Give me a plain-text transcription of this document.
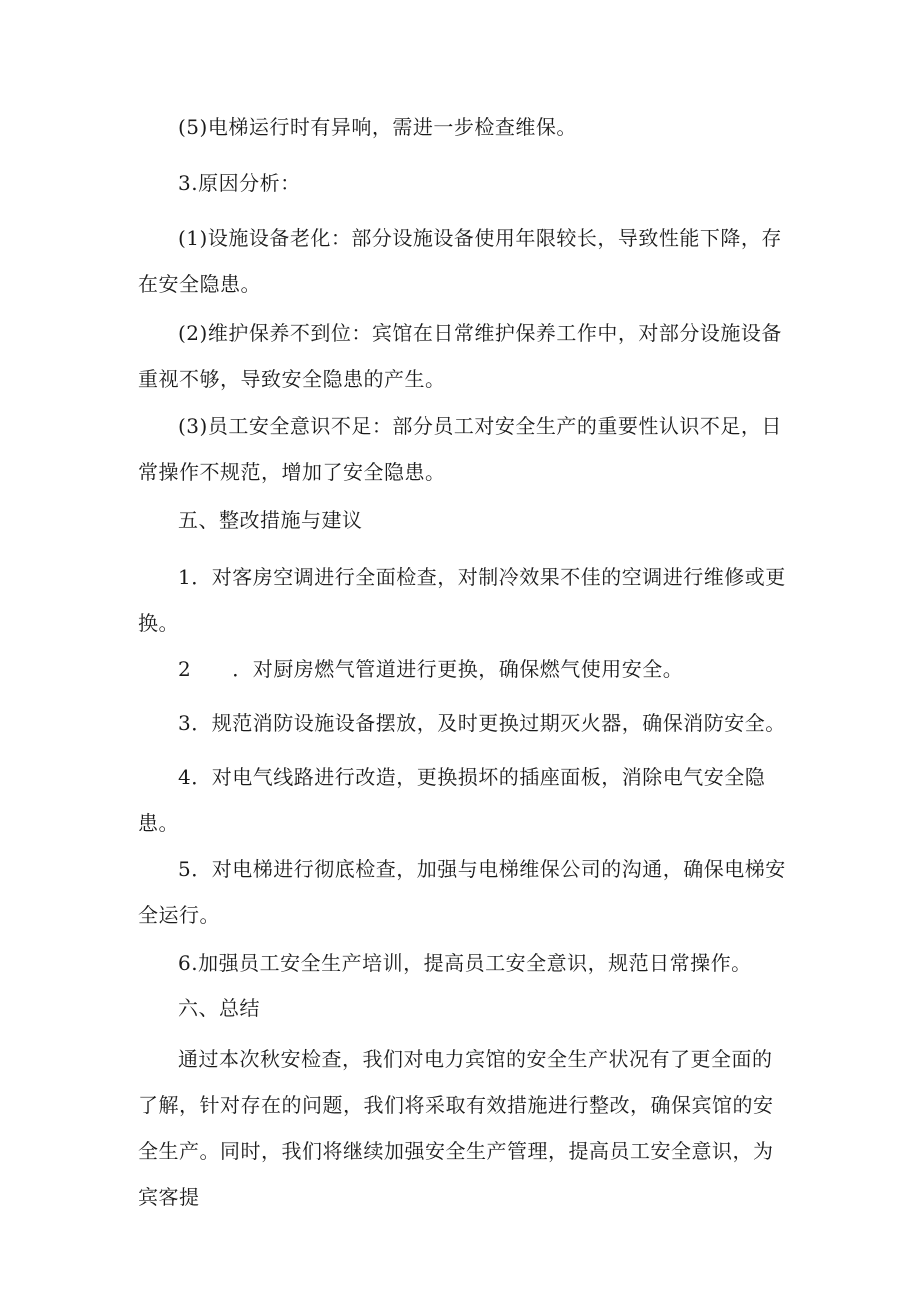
(5)电梯运行时有异响，需进一步检查维保。
3.原因分析：
(1)设施设备老化：部分设施设备使用年限较长，导致性能下降，存在安全隐患。
(2)维护保养不到位：宾馆在日常维护保养工作中，对部分设施设备重视不够，导致安全隐患的产生。
(3)员工安全意识不足：部分员工对安全生产的重要性认识不足，日常操作不规范，增加了安全隐患。
五、整改措施与建议
1．对客房空调进行全面检查，对制冷效果不佳的空调进行维修或更换。
2　　．对厨房燃气管道进行更换，确保燃气使用安全。
3．规范消防设施设备摆放，及时更换过期灭火器，确保消防安全。
4．对电气线路进行改造，更换损坏的插座面板，消除电气安全隐患。
5．对电梯进行彻底检查，加强与电梯维保公司的沟通，确保电梯安全运行。
6.加强员工安全生产培训，提高员工安全意识，规范日常操作。
六、总结
通过本次秋安检查，我们对电力宾馆的安全生产状况有了更全面的了解，针对存在的问题，我们将采取有效措施进行整改，确保宾馆的安全生产。同时，我们将继续加强安全生产管理，提高员工安全意识，为宾客提
